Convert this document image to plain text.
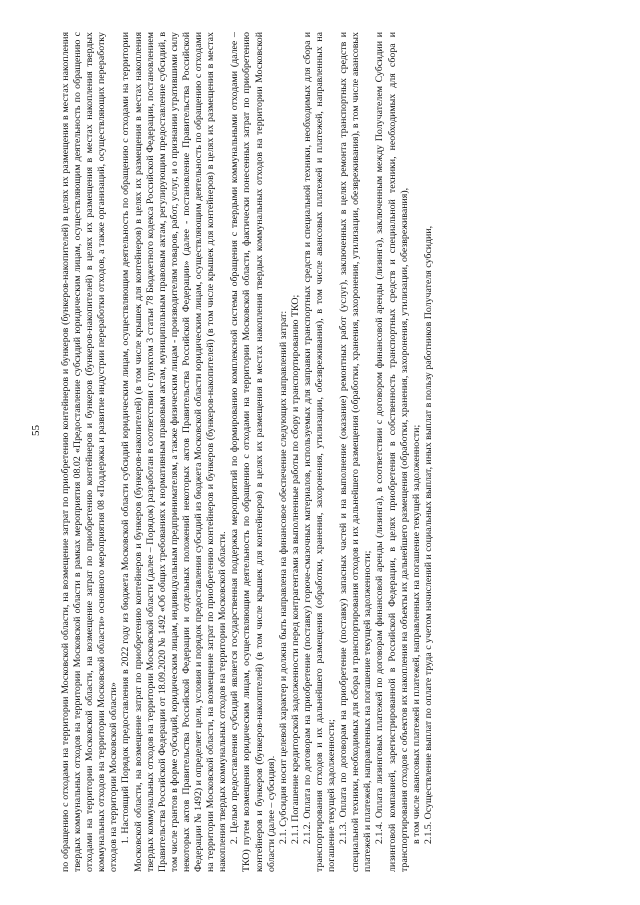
55 по обращению с отходами на территории Московской области, на возмещение затрат по приобретению контейнеров и бункеров (бункеров-накопителей) в целях их размещения в местах накопления твердых коммунальных отходов на территории Московской области в рамках мероприятия 08.02 «Предоставление субсидий юридическим лицам, осуществляющим деятельность по обращению с отходами на территории Московской области, на возмещение затрат по приобретению контейнеров и бункеров (бункеров-накопителей) в целях их размещения в местах накопления твердых коммунальных отходов на территории Московской области» основного мероприятия 08 «Поддержка и развитие индустрии переработки отходов, а также организаций, осуществляющих переработку отходов на территории Московской области» 1. Настоящий Порядок предоставления в 2022 году из бюджета Московской области субсидий юридическим лицам, осуществляющим деятельность по обращению с отходами на территории Московской области, на возмещение затрат по приобретению контейнеров и бункеров (бункеров-накопителей) (в том числе крышек для контейнеров) в целях их размещения в местах накопления твердых коммунальных отходов на территории Московской области (далее – Порядок) разработан в соответствии с пунктом 3 статьи 78 Бюджетного кодекса Российской Федерации, постановлением Правительства Российской Федерации от 18.09.2020 № 1492 «Об общих требованиях к нормативным правовым актам, муниципальным правовым актам, регулирующим предоставление субсидий, в том числе грантов в форме субсидий, юридическим лицам, индивидуальным предпринимателям, а также физическим лицам - производителям товаров, работ, услуг, и о признании утратившими силу некоторых актов Правительства Российской Федерации и отдельных положений некоторых актов Правительства Российской Федерации» (далее - постановление Правительства Российской Федерации № 1492) и определяет цели, условия и порядок предоставления субсидий из бюджета Московской области юридическим лицам, осуществляющим деятельность по обращению с отходами на территории Московской области, на возмещение затрат по приобретению контейнеров и бункеров (бункеров-накопителей) (в том числе крышек для контейнеров) в целях их размещения в местах накопления твердых коммунальных отходов на территории Московской области. 2. Целью предоставления субсидий является государственная поддержка мероприятий по формированию комплексной системы обращения с твердыми коммунальными отходами (далее – ТКО) путем возмещения юридическим лицам, осуществляющим деятельность по обращению с отходами на территории Московской области, фактически понесенных затрат по приобретению контейнеров и бункеров (бункеров-накопителей) (в том числе крышек для контейнеров) в целях их размещения в местах накопления твердых коммунальных отходов на территории Московской области (далее – субсидия). 2.1. Субсидия носит целевой характер и должна быть направлена на финансовое обеспечение следующих направлений затрат: 2.1.1 Погашение кредиторской задолженности перед контрагентами за выполненные работы по сбору и транспортированию ТКО; 2.1.2. Оплата по договорам на приобретение (поставку) горюче-смазочных материалов, используемых для заправки транспортных средств и специальной техники, необходимых для сбора и транспортирования отходов и их дальнейшего размещения (обработки, хранения, захоронения, утилизации, обезвреживания), в том числе авансовых платежей и платежей, направленных на погашение текущей задолженности; 2.1.3. Оплата по договорам на приобретение (поставку) запасных частей и на выполнение (оказание) ремонтных работ (услуг), заключенных в целях ремонта транспортных средств и специальной техники, необходимых для сбора и транспортирования отходов и их дальнейшего размещения (обработки, хранения, захоронения, утилизации, обезвреживания), в том числе авансовых платежей и платежей, направленных на погашение текущей задолженности; 2.1.4. Оплата лизинговых платежей по договорам финансовой аренды (лизинга), в соответствии с договором финансовой аренды (лизинга), заключенным между Получателем Субсидии и лизинговой компанией, зарегистрированной в Российской Федерации, в целях приобретения в собственность транспортных средств и специальной техники, необходимых для сбора и транспортирования отходов с объектов их накопления на объекты их дальнейшего размещения (обработки, хранения, захоронения, утилизации, обезвреживания), в том числе авансовых платежей и платежей, направленных на погашение текущей задолженности; 2.1.5. Осуществление выплат по оплате труда с учетом начислений и социальных выплат, иных выплат в пользу работников Получателя субсидии,
